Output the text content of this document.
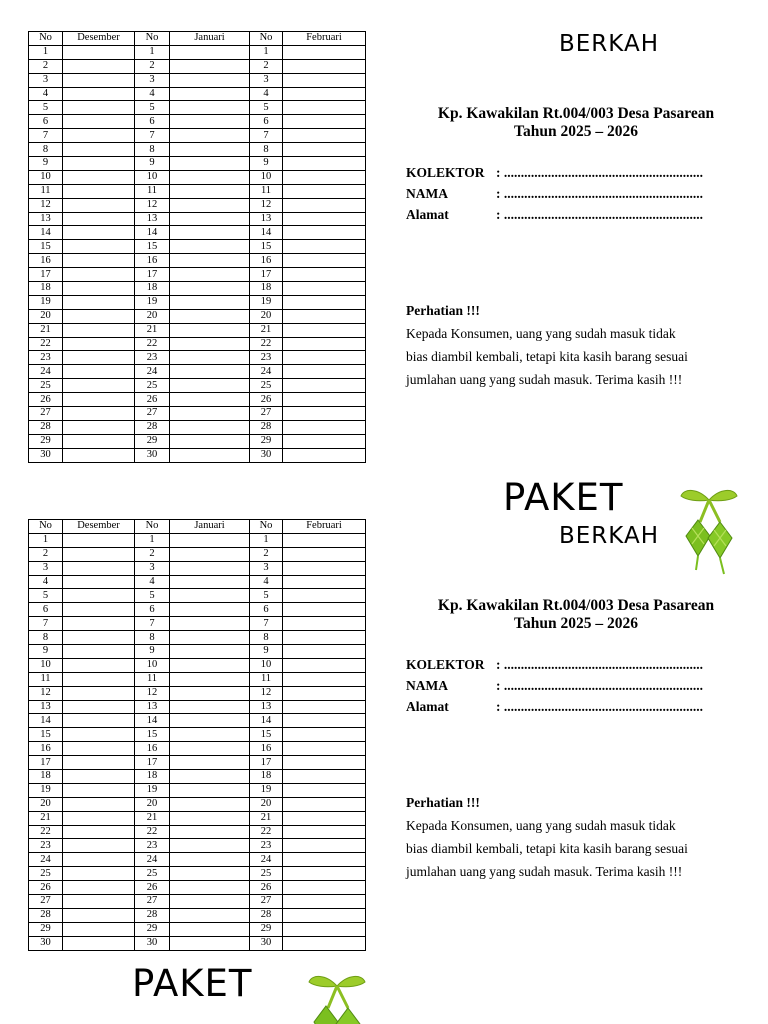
No	Desember	No	Januari	No	Februari
1		1		1	
2		2		2	
3		3		3	
4		4		4	
5		5		5	
6		6		6	
7		7		7	
8		8		8	
9		9		9	
10		10		10	
11		11		11	
12		12		12	
13		13		13	
14		14		14	
15		15		15	
16		16		16	
17		17		17	
18		18		18	
19		19		19	
20		20		20	
21		21		21	
22		22		22	
23		23		23	
24		24		24	
25		25		25	
26		26		26	
27		27		27	
28		28		28	
29		29		29	
30		30		30	
BERKAH
Kp. Kawakilan Rt.004/003 Desa Pasarean
Tahun 2025 – 2026
KOLEKTOR : ...........................................................
NAMA	: ...........................................................
Alamat	: ...........................................................
Perhatian !!!
Kepada Konsumen, uang yang sudah masuk tidak
bias diambil kembali, tetapi kita kasih barang sesuai
jumlahan uang yang sudah masuk. Terima kasih !!!
PAKET
No	Desember	No	Januari	No	Februari
1		1		1	
2		2		2	
3		3		3	
4		4		4	
5		5		5	
6		6		6	
7		7		7	
8		8		8	
9		9		9	
10		10		10	
11		11		11	
12		12		12	
13		13		13	
14		14		14	
15		15		15	
16		16		16	
17		17		17	
18		18		18	
19		19		19	
20		20		20	
21		21		21	
22		22		22	
23		23		23	
24		24		24	
25		25		25	
26		26		26	
27		27		27	
28		28		28	
29		29		29	
30		30		30	
BERKAH
Kp. Kawakilan Rt.004/003 Desa Pasarean
Tahun 2025 – 2026
KOLEKTOR : ...........................................................
NAMA	: ...........................................................
Alamat	: ...........................................................
Perhatian !!!
Kepada Konsumen, uang yang sudah masuk tidak
bias diambil kembali, tetapi kita kasih barang sesuai
jumlahan uang yang sudah masuk. Terima kasih !!!
PAKET
